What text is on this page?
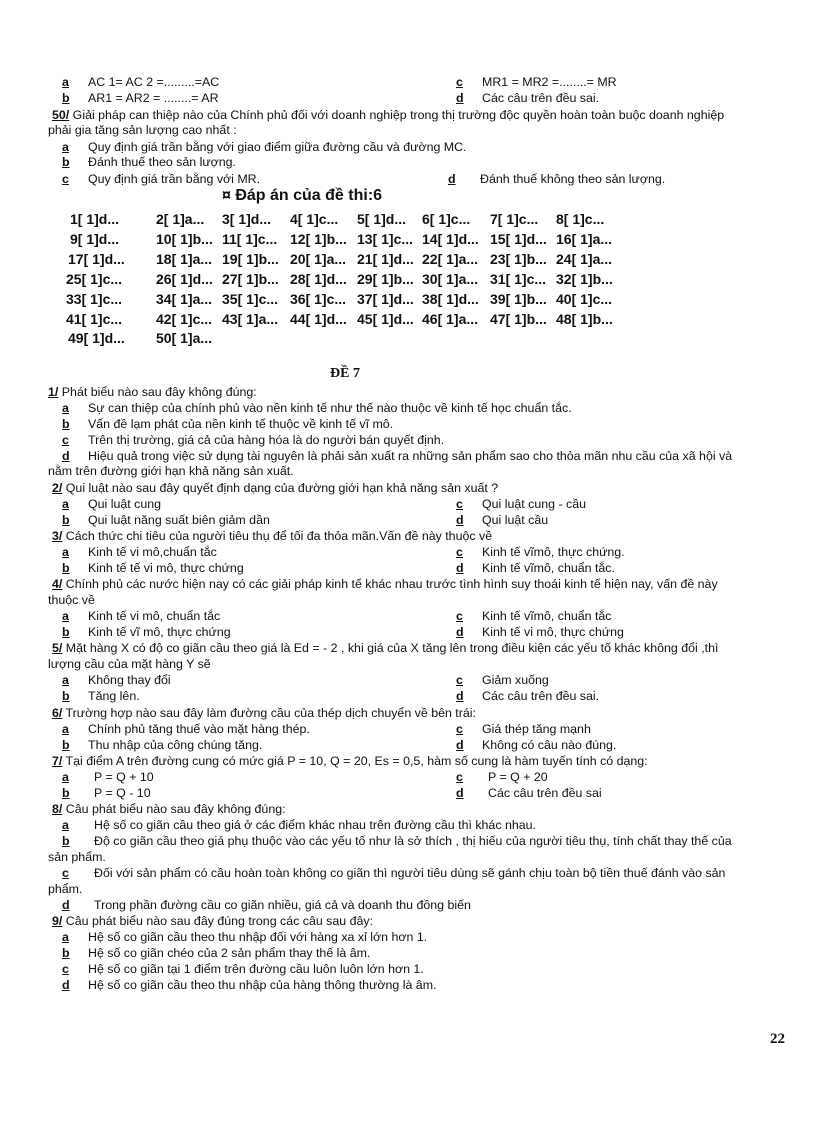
a AC 1= AC 2 =.........=AC	c MR1 = MR2 =........= MR
b AR1 = AR2 = ........= AR	d Các câu trên đều sai.
50/ Giải pháp can thiệp nào của Chính phủ đối với doanh nghiệp trong thị trường độc quyền hoàn toàn buộc doanh nghiệp
phải gia tăng sản lượng cao nhất :
a Quy định giá trần bằng với giao điểm giữa đường cầu và đường MC.
b Đánh thuế theo sản lượng.
c Quy định giá trần bằng với MR.	d Đánh thuế không theo sản lượng.
¤ Đáp án của đề thi:6
1[ 1]d...	2[ 1]a... 3[ 1]d... 4[ 1]c... 5[ 1]d... 6[ 1]c... 7[ 1]c... 8[ 1]c...
9[ 1]d...	10[ 1]b... 11[ 1]c... 12[ 1]b... 13[ 1]c... 14[ 1]d... 15[ 1]d... 16[ 1]a...
17[ 1]d... 18[ 1]a... 19[ 1]b... 20[ 1]a... 21[ 1]d... 22[ 1]a... 23[ 1]b... 24[ 1]a...
25[ 1]c... 26[ 1]d... 27[ 1]b... 28[ 1]d... 29[ 1]b... 30[ 1]a... 31[ 1]c... 32[ 1]b...
33[ 1]c... 34[ 1]a... 35[ 1]c... 36[ 1]c... 37[ 1]d... 38[ 1]d... 39[ 1]b... 40[ 1]c...
41[ 1]c... 42[ 1]c... 43[ 1]a... 44[ 1]d... 45[ 1]d... 46[ 1]a... 47[ 1]b... 48[ 1]b...
49[ 1]d... 50[ 1]a...
ĐỀ 7
1/ Phát biểu nào sau đây không đúng:
a Sự can thiệp của chính phủ vào nền kinh tế như thế nào thuộc về kinh tế học chuẩn tắc.
b Vấn đề lạm phát của nền kinh tế thuộc về kinh tế vĩ mô.
c Trên thị trường, giá cả của hàng hóa là do người bán quyết định.
d Hiệu quả trong việc sử dụng tài nguyên là phải sản xuất ra những sản phẩm sao cho thỏa mãn nhu cầu của xã hội và
nằm trên đường giới hạn khả năng sản xuất.
2/ Qui luật nào sau đây quyết định dạng của đường giới hạn khả năng sản xuất ?
a Qui luật cung	c Qui luật cung - cầu
b Qui luật năng suất biên giảm dần	d Qui luật cầu
3/ Cách thức chi tiêu của người tiêu thụ để tối đa thỏa mãn.Vấn đề này thuộc về
a Kinh tế vi mô,chuẩn tắc	c Kinh tế vĩmô, thực chứng.
b Kinh tế tế vi mô, thực chứng	d Kinh tế vĩmô, chuẩn tắc.
4/ Chính phủ các nước hiện nay có các giải pháp kinh tế khác nhau trước tình hình suy thoái kinh tế hiện nay, vấn đề này
thuộc về
a Kinh tế vi mô, chuẩn tắc	c Kinh tế vĩmô, chuẩn tắc
b Kinh tế vĩ mô, thực chứng	d Kinh tế vi mô, thực chứng
5/ Mặt hàng X có độ co giãn cầu theo giá là Ed = - 2 , khi giá của X tăng lên trong điều kiện các yếu tố khác không đổi ,thì
lượng cầu của mặt hàng Y sẽ
a Không thay đổi	c Giảm xuống
b Tăng lên.	d Các câu trên đều sai.
6/ Trường hợp nào sau đây làm đường cầu của thép dịch chuyển về bên trái:
a Chính phủ tăng thuế vào mặt hàng thép.	c Giá thép tăng mạnh
b Thu nhập của công chúng tăng.	d Không có câu nào đúng.
7/ Tại điểm A trên đường cung có mức giá P = 10, Q = 20, Es = 0,5, hàm số cung là hàm tuyến tính có dạng:
a P = Q + 10	c P = Q + 20
b P = Q - 10	d Các câu trên đều sai
8/ Câu phát biểu nào sau đây không đúng:
a Hệ số co giãn cầu theo giá ở các điểm khác nhau trên đường cầu thì khác nhau.
b Độ co giãn cầu theo giá phụ thuộc vào các yếu tố như là sở thích , thị hiếu của người tiêu thụ, tính chất thay thế của
sản phẩm.
c Đối với sản phẩm có cầu hoàn toàn không co giãn thì người tiêu dùng sẽ gánh chịu toàn bộ tiền thuế đánh vào sản
phẩm.
d Trong phần đường cầu co giãn nhiều, giá cả và doanh thu đồng biến
9/ Câu phát biểu nào sau đây đúng trong các câu sau đây:
a Hệ số co giãn cầu theo thu nhập đối với hàng xa xỉ lớn hơn 1.
b Hệ số co giãn chéo của 2 sản phẩm thay thế là âm.
c Hệ số co giãn tại 1 điểm trên đường cầu luôn luôn lớn hơn 1.
d Hệ số co giãn cầu theo thu nhập của hàng thông thường là âm.
22
